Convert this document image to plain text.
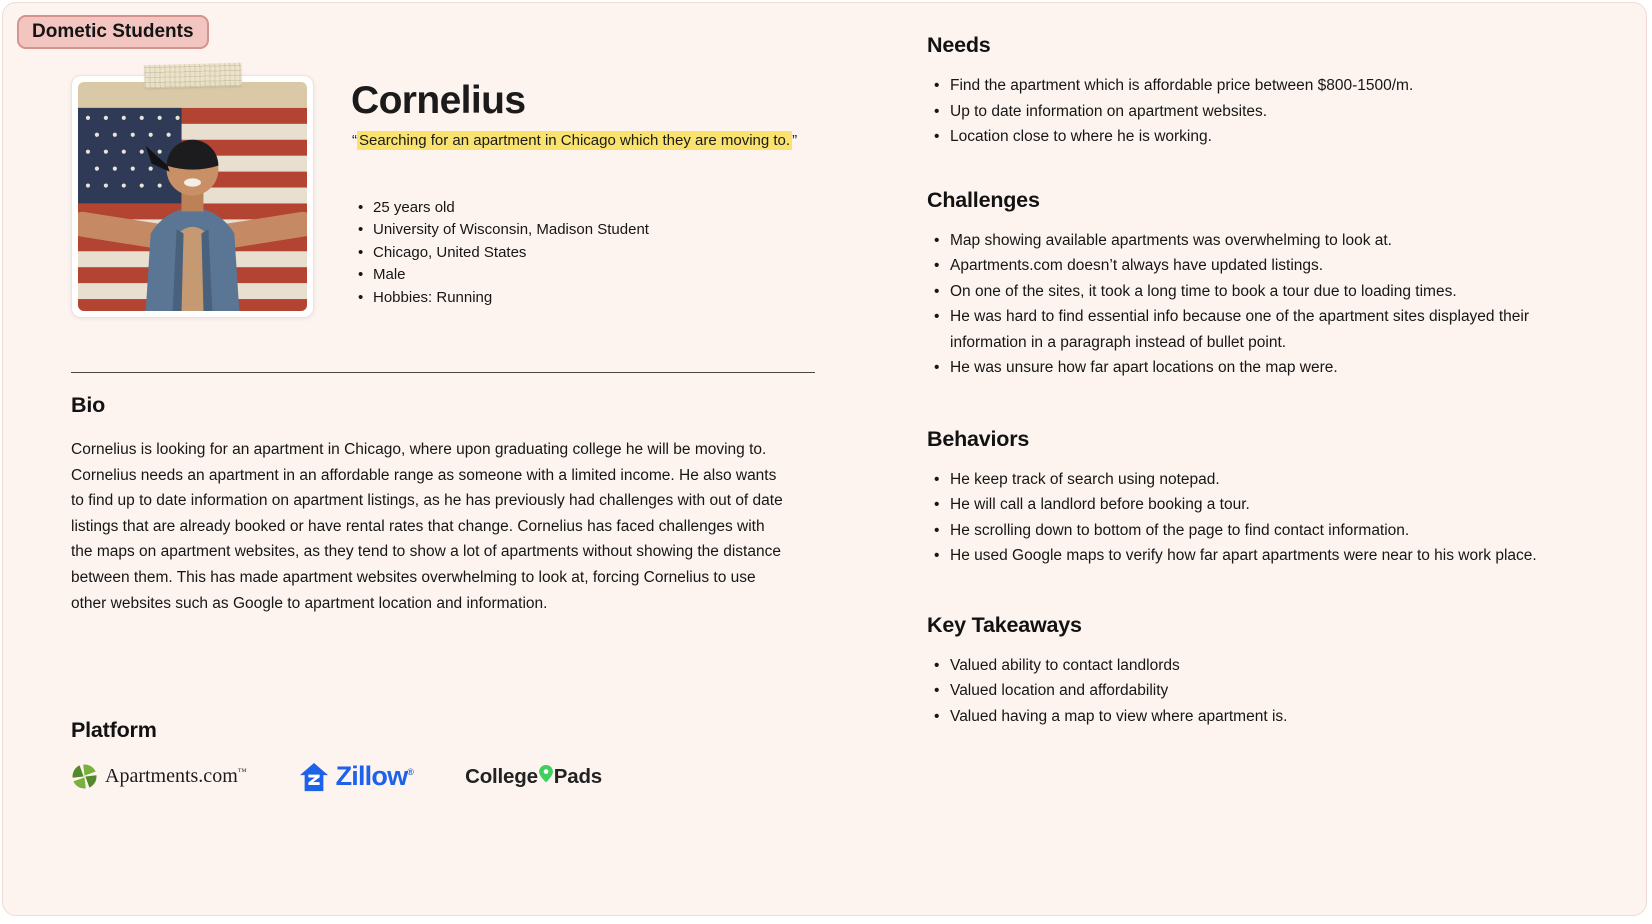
Dometic Students
Cornelius
“ Searching for an apartment in Chicago which they are moving to. ”
• 25 years old
• University of Wisconsin, Madison Student
• Chicago, United States
• Male
• Hobbies: Running
Bio

Cornelius is looking for an apartment in Chicago, where upon graduating college he will be moving to. Cornelius needs an apartment in an affordable range as someone with a limited income. He also wants to find up to date information on apartment listings, as he has previously had challenges with out of date listings that are already booked or have rental rates that change. Cornelius has faced challenges with the maps on apartment websites, as they tend to show a lot of apartments without showing the distance between them. This has made apartment websites overwhelming to look at, forcing Cornelius to use other websites such as Google to apartment location and information.

Platform
Apartments.com™	Zillow®	College Pads
Needs
• Find the apartment which is affordable price between $800-1500/m.
• Up to date information on apartment websites.
• Location close to where he is working.
Challenges
• Map showing available apartments was overwhelming to look at.
• Apartments.com doesn’t always have updated listings.
• On one of the sites, it took a long time to book a tour due to loading times.
• He was hard to find essential info because one of the apartment sites displayed their information in a paragraph instead of bullet point.
• He was unsure how far apart locations on the map were.
Behaviors
• He keep track of search using notepad.
• He will call a landlord before booking a tour.
• He scrolling down to bottom of the page to find contact information.
• He used Google maps to verify how far apart apartments were near to his work place.
Key Takeaways
• Valued ability to contact landlords
• Valued location and affordability
• Valued having a map to view where apartment is.
